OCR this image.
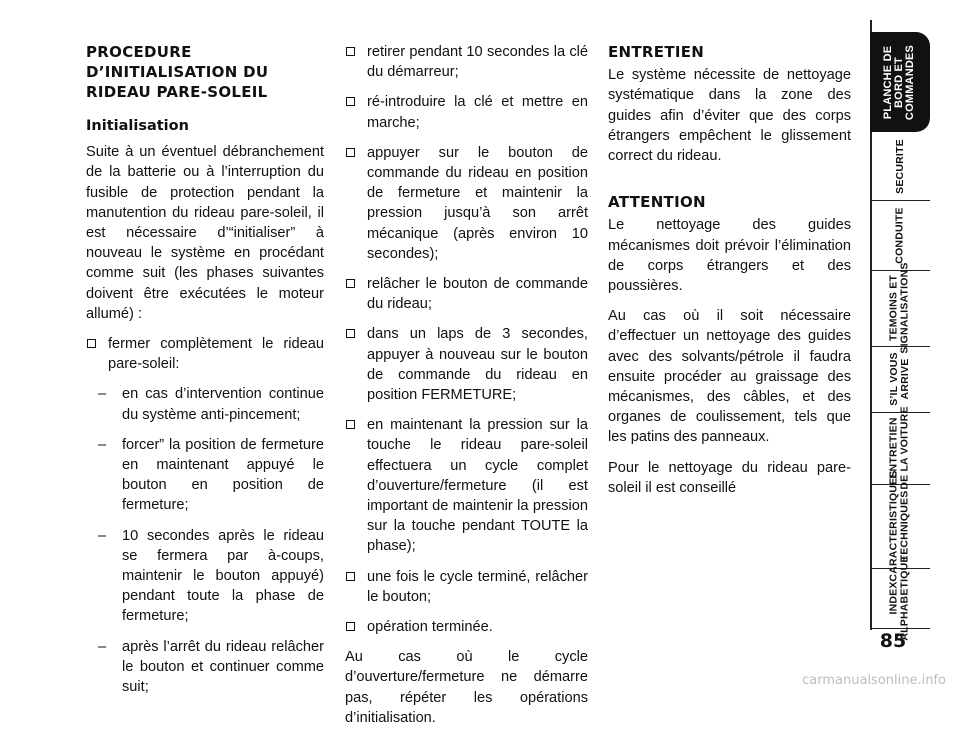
PROCEDURE
D’INITIALISATION DU
RIDEAU PARE-SOLEIL
Initialisation

Suite à un éventuel débranchement de la batterie ou à l’interruption du fusible de protection pendant la manutention du rideau pare-soleil, il est nécessaire d’“initialiser” à nouveau le système en procédant comme suit (les phases suivantes doivent être exécutées le moteur allumé) :

fermer complètement le rideau pare-soleil:
– en cas d’intervention continue du système anti-pincement;
– forcer” la position de fermeture en maintenant appuyé le bouton en position de fermeture;
– 10 secondes après le rideau se fermera par à-coups, maintenir le bouton appuyé) pendant toute la phase de fermeture;
– après l’arrêt du rideau relâcher le bouton et continuer comme suit;
retirer pendant 10 secondes la clé du démarreur;
ré-introduire la clé et mettre en marche;
appuyer sur le bouton de commande du rideau en position de fermeture et maintenir la pression jusqu’à son arrêt mécanique (après environ 10 secondes);
relâcher le bouton de commande du rideau;
dans un laps de 3 secondes, appuyer à nouveau sur le bouton de commande du rideau en position FERMETURE;
en maintenant la pression sur la touche le rideau pare-soleil effectuera un cycle complet d’ouverture/fermeture (il est important de maintenir la pression sur la touche pendant TOUTE la phase);
une fois le cycle terminé, relâcher le bouton;
opération terminée.

Au cas où le cycle d’ouverture/fermeture ne démarre pas, répéter les opérations d’initialisation.

ENTRETIEN

Le système nécessite de nettoyage systématique dans la zone des guides afin d’éviter que des corps étrangers empêchent le glissement correct du rideau.

ATTENTION

Le nettoyage des guides mécanismes doit prévoir l’élimination de corps étrangers et des poussières.

Au cas où il soit nécessaire d’effectuer un nettoyage des guides avec des solvants/pétrole il faudra ensuite procéder au graissage des mécanismes, des câbles, et des organes de coulissement, tels que les patins des panneaux.

Pour le nettoyage du rideau pare-soleil il est conseillé

PLANCHE DE
BORD ET
COMMANDES
SECURITE
CONDUITE
TEMOINS ET
SIGNALISATIONS
S’IL VOUS
ARRIVE
ENTRETIEN
DE LA VOITURE
CARACTERISTIQUES
TECHNIQUES
INDEX
ALPHABETIQUE
85
carmanualsonline.info
